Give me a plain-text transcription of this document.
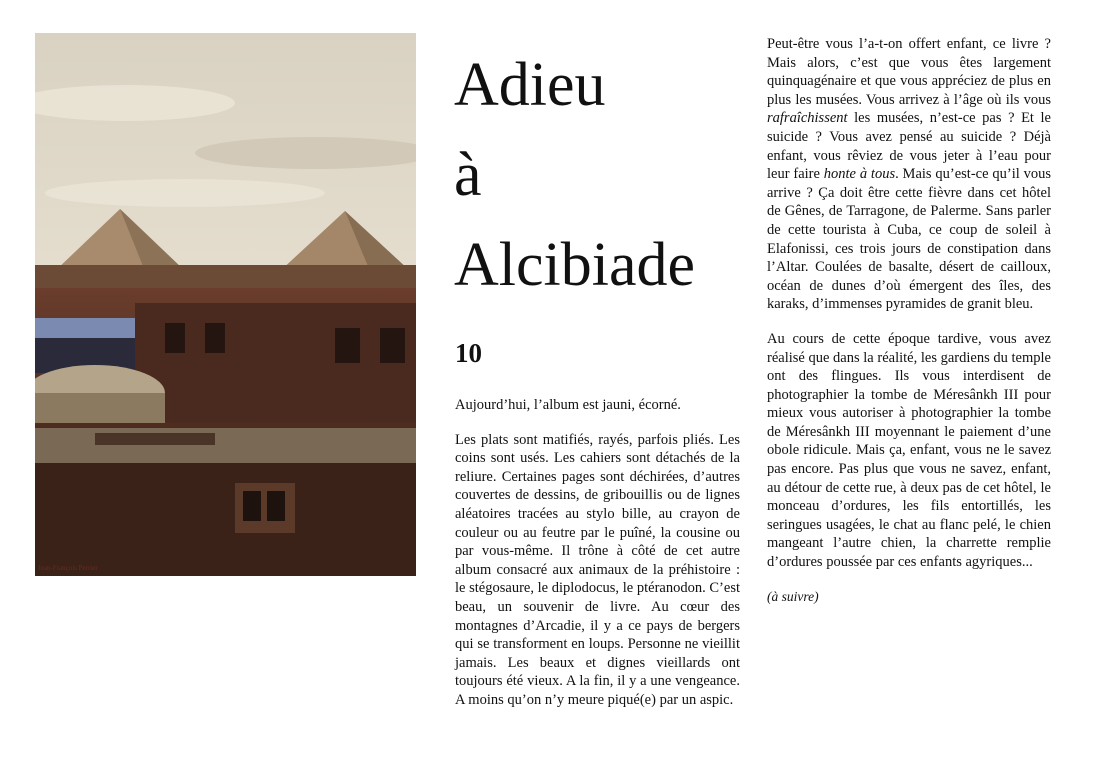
Jean-François Perrier
Adieu
à
Alcibiade
10

Aujourd’hui, l’album est jauni, écorné.

Les plats sont matifiés, rayés, parfois pliés. Les coins sont usés. Les cahiers sont détachés de la reliure. Certaines pages sont déchirées, d’autres couvertes de dessins, de gribouillis ou de lignes aléatoires tracées au stylo bille, au crayon de couleur ou au feutre par le puîné, la cousine ou par vous-même. Il trône à côté de cet autre album consacré aux animaux de la préhistoire : le stégosaure, le diplodocus, le ptéranodon. C’est beau, un souvenir de livre. Au cœur des montagnes d’Arcadie, il y a ce pays de bergers qui se transforment en loups. Personne ne vieillit jamais. Les beaux et dignes vieillards ont toujours été vieux. A la fin, il y a une vengeance. A moins qu’on n’y meure piqué(e) par un aspic.

Peut-être vous l’a-t-on offert enfant, ce livre ? Mais alors, c’est que vous êtes largement quinquagénaire et que vous appréciez de plus en plus les musées. Vous arrivez à l’âge où ils vous rafraîchissent les musées, n’est-ce pas ? Et le suicide ? Vous avez pensé au suicide ? Déjà enfant, vous rêviez de vous jeter à l’eau pour leur faire honte à tous. Mais qu’est-ce qu’il vous arrive ? Ça doit être cette fièvre dans cet hôtel de Gênes, de Tarragone, de Palerme. Sans parler de cette tourista à Cuba, ce coup de soleil à Elafonissi, ces trois jours de constipation dans l’Altar. Coulées de basalte, désert de cailloux, océan de dunes d’où émergent des îles, des karaks, d’immenses pyramides de granit bleu.

Au cours de cette époque tardive, vous avez réalisé que dans la réalité, les gardiens du temple ont des flingues. Ils vous interdisent de photographier la tombe de Méresânkh III pour mieux vous autoriser à photographier la tombe de Méresânkh III moyennant le paiement d’une obole ridicule. Mais ça, enfant, vous ne le savez pas encore. Pas plus que vous ne savez, enfant, au détour de cette rue, à deux pas de cet hôtel, le monceau d’ordures, les fils entortillés, les seringues usagées, le chat au flanc pelé, le chien mangeant l’autre chien, la charrette remplie d’ordures poussée par ces enfants agyriques...

(à suivre)
